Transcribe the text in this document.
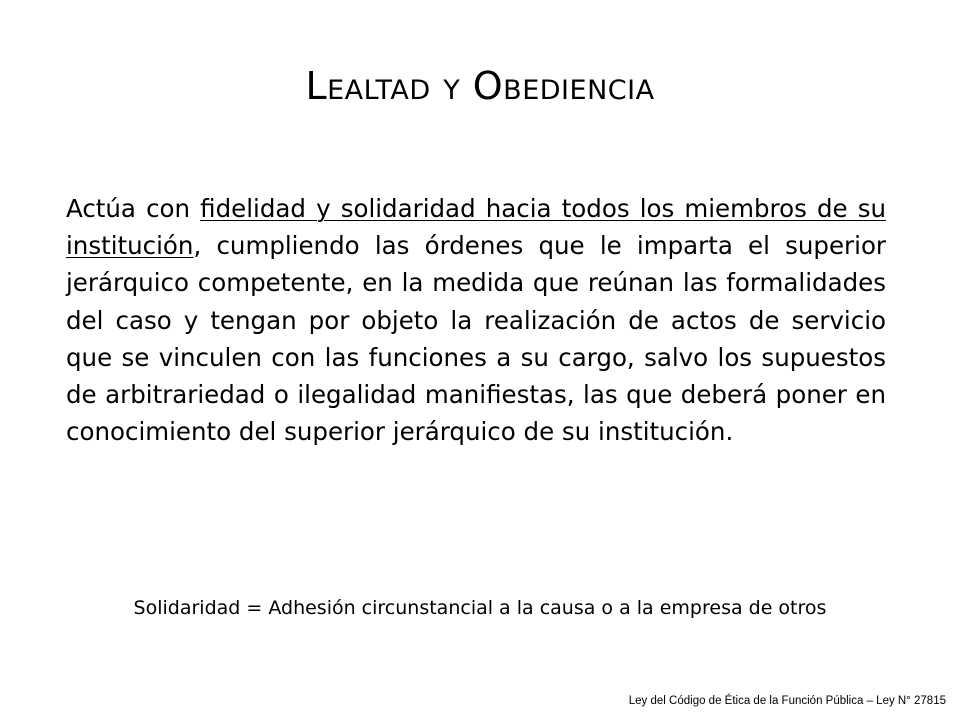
Lealtad y Obediencia

Actúa con fidelidad y solidaridad hacia todos los miembros de su institución, cumpliendo las órdenes que le imparta el superior jerárquico competente, en la medida que reúnan las formalidades del caso y tengan por objeto la realización de actos de servicio que se vinculen con las funciones a su cargo, salvo los supuestos de arbitrariedad o ilegalidad manifiestas, las que deberá poner en conocimiento del superior jerárquico de su institución.

Solidaridad = Adhesión circunstancial a la causa o a la empresa de otros

Ley del Código de Ética de la Función Pública – Ley N° 27815
